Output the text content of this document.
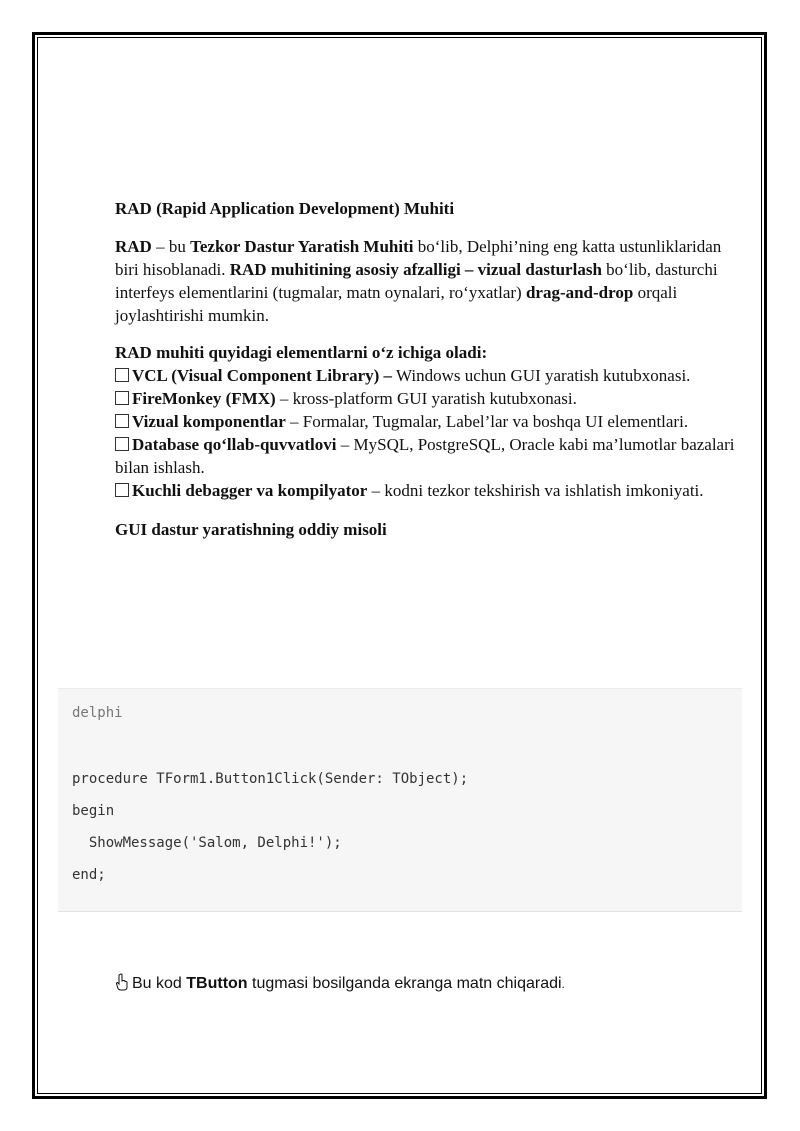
RAD (Rapid Application Development) Muhiti

RAD – bu Tezkor Dastur Yaratish Muhiti bo‘lib, Delphi’ning eng katta ustunliklaridan biri hisoblanadi. RAD muhitining asosiy afzalligi – vizual dasturlash bo‘lib, dasturchi interfeys elementlarini (tugmalar, matn oynalari, ro‘yxatlar) drag-and-drop orqali joylashtirishi mumkin.

RAD muhiti quyidagi elementlarni o‘z ichiga oladi:

VCL (Visual Component Library) – Windows uchun GUI yaratish kutubxonasi.

FireMonkey (FMX) – kross-platform GUI yaratish kutubxonasi.

Vizual komponentlar – Formalar, Tugmalar, Label’lar va boshqa UI elementlari.

Database qo‘llab-quvvatlovi – MySQL, PostgreSQL, Oracle kabi ma’lumotlar bazalari bilan ishlash.

Kuchli debagger va kompilyator – kodni tezkor tekshirish va ishlatish imkoniyati.

GUI dastur yaratishning oddiy misoli

delphi
procedure TForm1.Button1Click(Sender: TObject);
begin
ShowMessage('Salom, Delphi!');
end;
Bu kod TButton tugmasi bosilganda ekranga matn chiqaradi.
